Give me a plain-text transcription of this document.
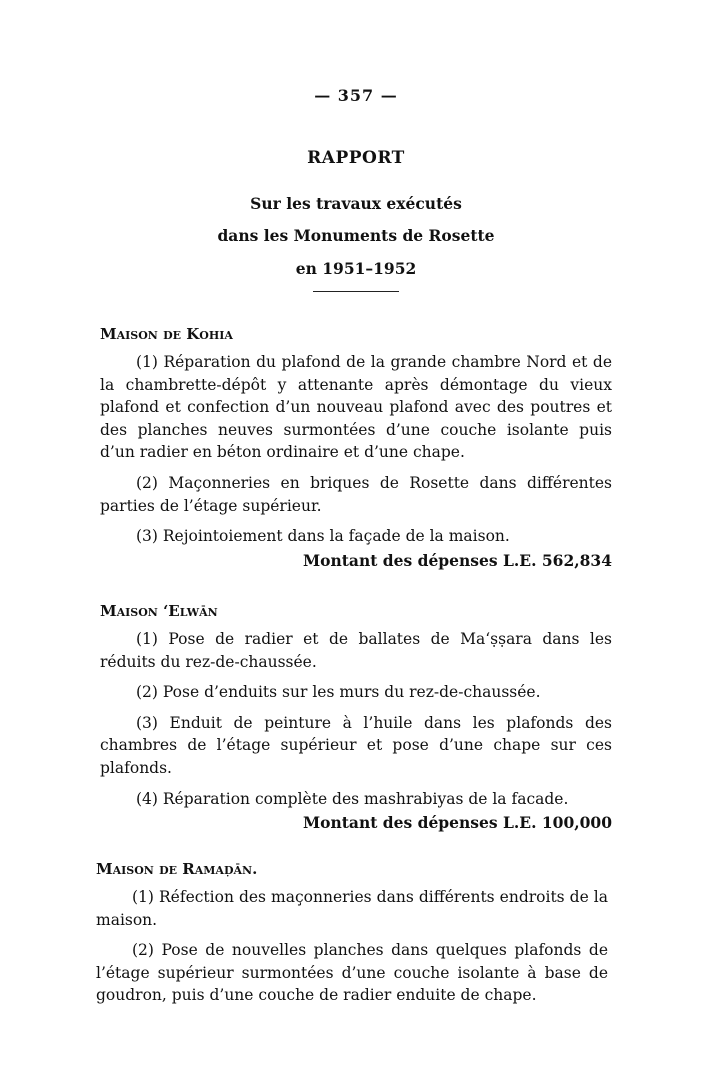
— 357 —
RAPPORT
Sur les travaux exécutés
dans les Monuments de Rosette
en 1951–1952
Maison de Kohia

(1) Réparation du plafond de la grande chambre Nord et de la chambrette-dépôt y attenante après démontage du vieux plafond et confection d’un nouveau plafond avec des poutres et des planches neuves surmontées d’une couche isolante puis d’un radier en béton ordinaire et d’une chape.

(2) Maçonneries en briques de Rosette dans différentes parties de l’étage supérieur.

(3) Rejointoiement dans la façade de la maison.

Montant des dépenses L.E. 562,834
Maison ‘Elwān

(1) Pose de radier et de ballates de Ma‘ṣṣara dans les réduits du rez-de-chaussée.

(2) Pose d’enduits sur les murs du rez-de-chaussée.

(3) Enduit de peinture à l’huile dans les plafonds des chambres de l’étage supérieur et pose d’une chape sur ces plafonds.

(4) Réparation complète des mashrabiyas de la facade.

Montant des dépenses L.E. 100,000
Maison de Ramaḍān.

(1) Réfection des maçonneries dans différents endroits de la maison.

(2) Pose de nouvelles planches dans quelques plafonds de l’étage supérieur surmontées d’une couche isolante à base de goudron, puis d’une couche de radier enduite de chape.
